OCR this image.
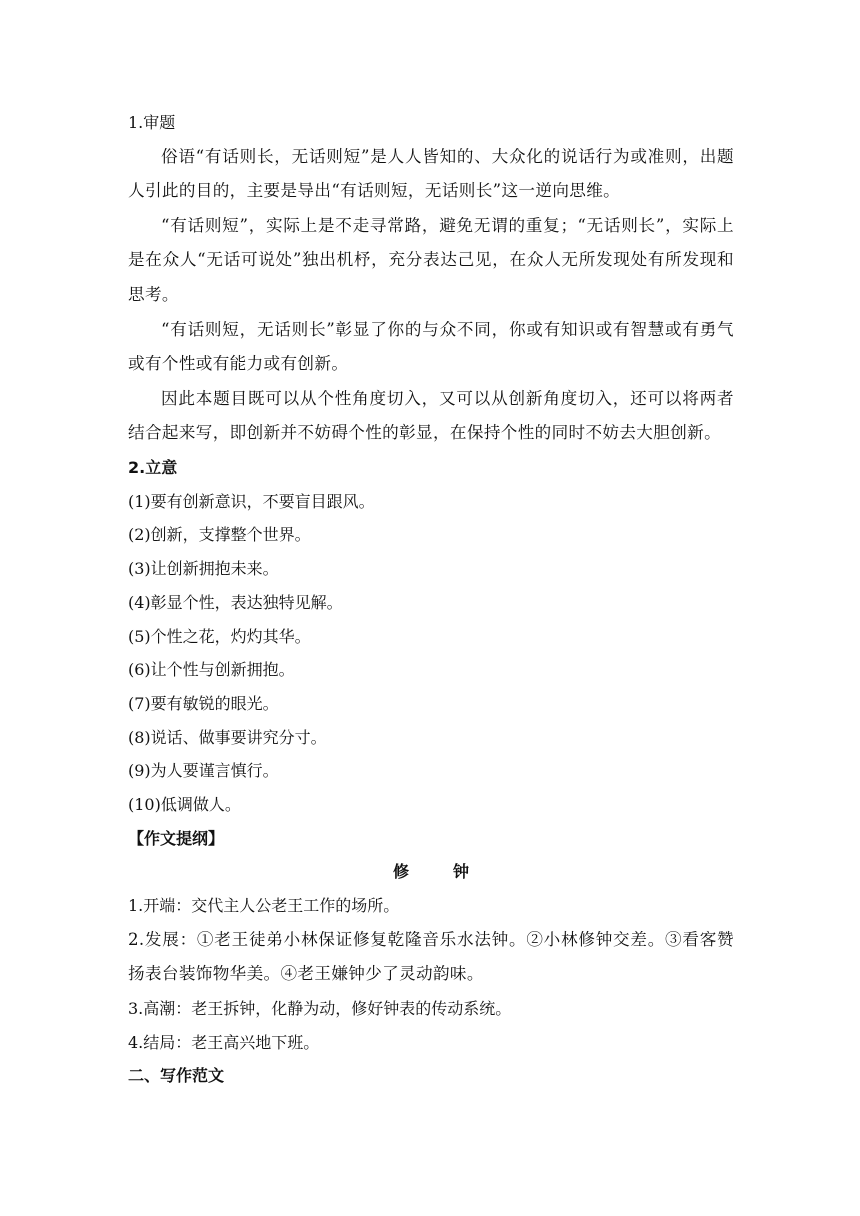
1.审题

俗语“有话则长，无话则短”是人人皆知的、大众化的说话行为或准则，出题人引此的目的，主要是导出“有话则短，无话则长”这一逆向思维。

“有话则短”，实际上是不走寻常路，避免无谓的重复；“无话则长”，实际上是在众人“无话可说处”独出机杼，充分表达己见，在众人无所发现处有所发现和思考。

“有话则短，无话则长”彰显了你的与众不同，你或有知识或有智慧或有勇气或有个性或有能力或有创新。

因此本题目既可以从个性角度切入，又可以从创新角度切入，还可以将两者结合起来写，即创新并不妨碍个性的彰显，在保持个性的同时不妨去大胆创新。

2.立意
(1)要有创新意识，不要盲目跟风。
(2)创新，支撑整个世界。
(3)让创新拥抱未来。
(4)彰显个性，表达独特见解。
(5)个性之花，灼灼其华。
(6)让个性与创新拥抱。
(7)要有敏锐的眼光。
(8)说话、做事要讲究分寸。
(9)为人要谨言慎行。
(10)低调做人。
【作文提纲】
修　钟
1.开端：交代主人公老王工作的场所。

2.发展：①老王徒弟小林保证修复乾隆音乐水法钟。②小林修钟交差。③看客赞扬表台装饰物华美。④老王嫌钟少了灵动韵味。

3.高潮：老王拆钟，化静为动，修好钟表的传动系统。
4.结局：老王高兴地下班。
二、写作范文
